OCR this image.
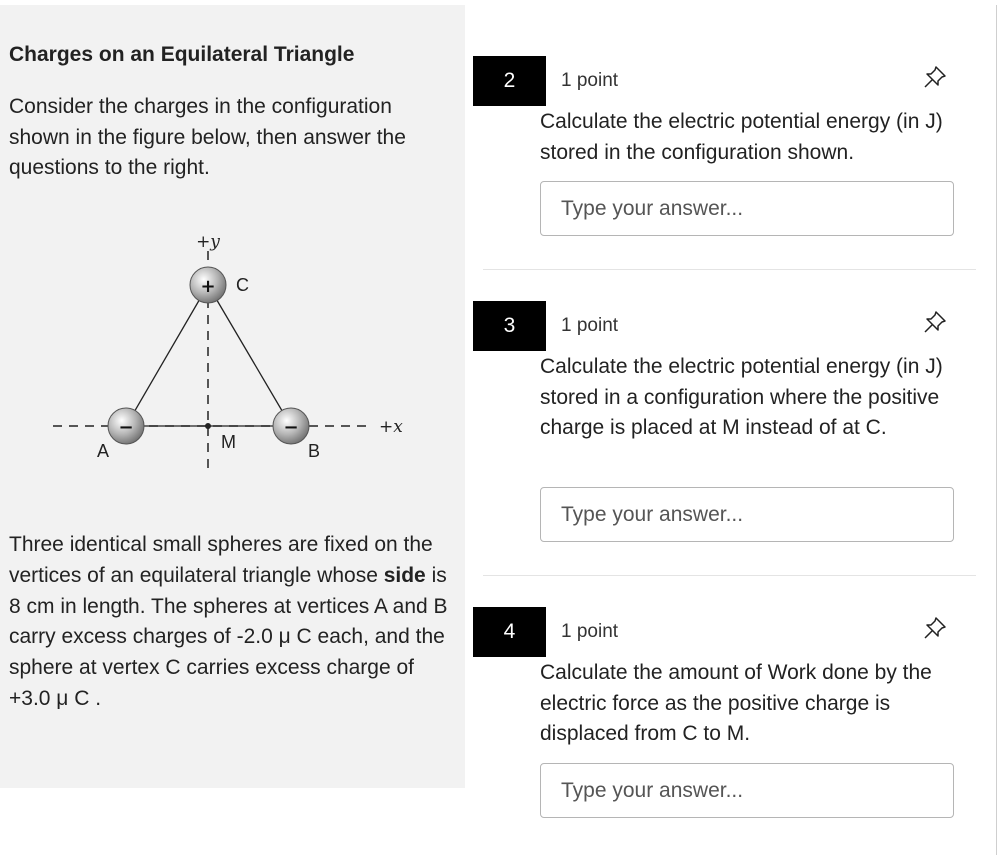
Charges on an Equilateral Triangle
Consider the charges in the configuration shown in the figure below, then answer the questions to the right.
+
−	−
+y
+x
C
A	B
M
Three identical small spheres are fixed on the vertices of an equilateral triangle whose side is 8 cm in length. The spheres at vertices A and B carry excess charges of -2.0 μ C each, and the sphere at vertex C carries excess charge of +3.0 μ C .
2	1 point
Calculate the electric potential energy (in J) stored in the configuration shown.
Type your answer...
3	1 point
Calculate the electric potential energy (in J) stored in a configuration where the positive charge is placed at M instead of at C.
Type your answer...
4	1 point
Calculate the amount of Work done by the electric force as the positive charge is displaced from C to M.
Type your answer...
